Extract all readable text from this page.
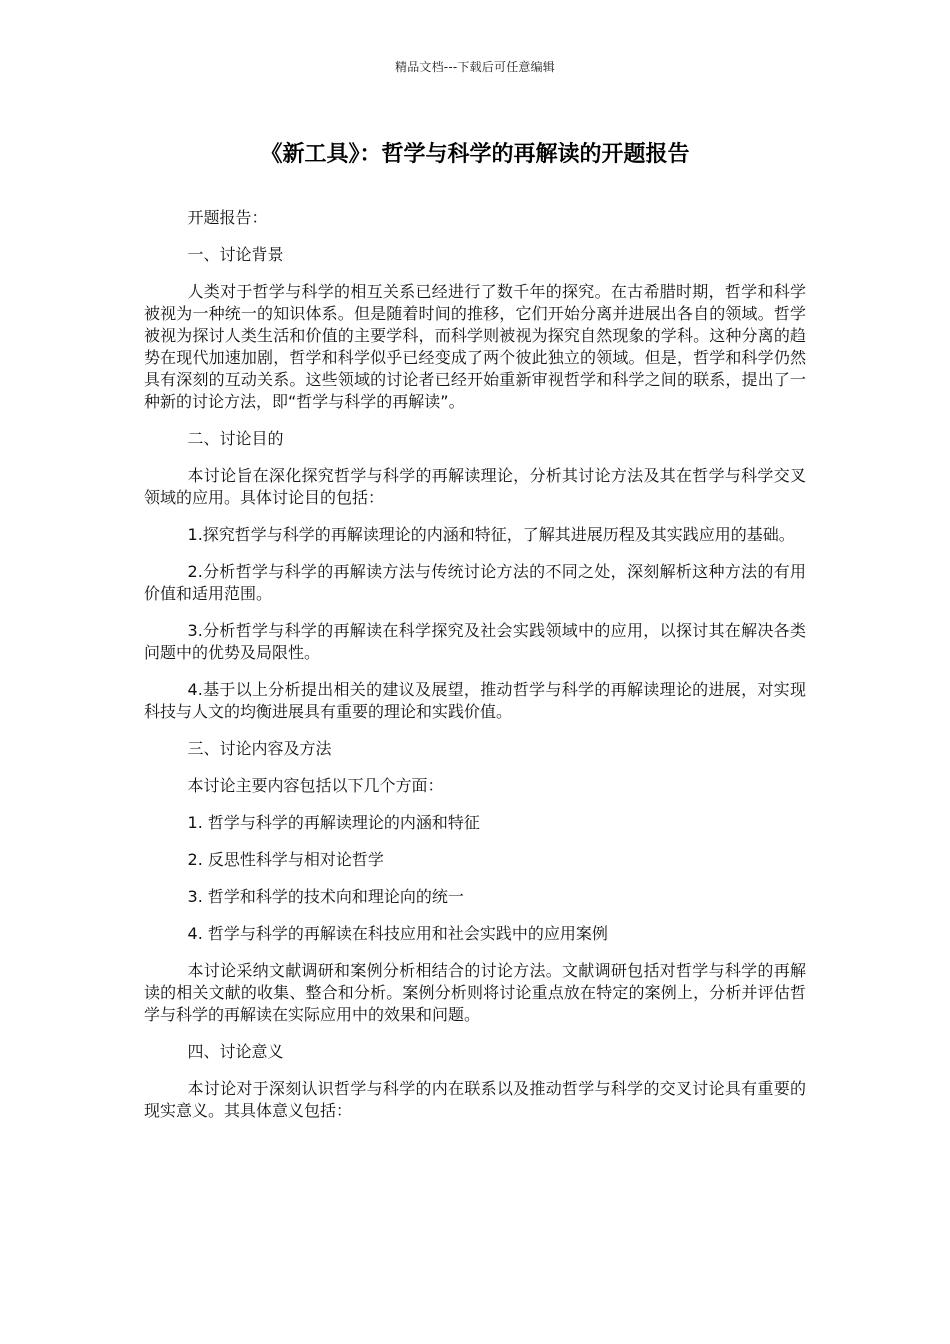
精品文档---下载后可任意编辑
《新工具》：哲学与科学的再解读的开题报告

开题报告：

一、讨论背景

人类对于哲学与科学的相互关系已经进行了数千年的探究。在古希腊时期，哲学和科学被视为一种统一的知识体系。但是随着时间的推移，它们开始分离并进展出各自的领域。哲学被视为探讨人类生活和价值的主要学科，而科学则被视为探究自然现象的学科。这种分离的趋势在现代加速加剧，哲学和科学似乎已经变成了两个彼此独立的领域。但是，哲学和科学仍然具有深刻的互动关系。这些领域的讨论者已经开始重新审视哲学和科学之间的联系，提出了一种新的讨论方法，即“哲学与科学的再解读”。

二、讨论目的

本讨论旨在深化探究哲学与科学的再解读理论，分析其讨论方法及其在哲学与科学交叉领域的应用。具体讨论目的包括：

1.探究哲学与科学的再解读理论的内涵和特征，了解其进展历程及其实践应用的基础。

2.分析哲学与科学的再解读方法与传统讨论方法的不同之处，深刻解析这种方法的有用价值和适用范围。

3.分析哲学与科学的再解读在科学探究及社会实践领域中的应用，以探讨其在解决各类问题中的优势及局限性。

4.基于以上分析提出相关的建议及展望，推动哲学与科学的再解读理论的进展，对实现科技与人文的均衡进展具有重要的理论和实践价值。

三、讨论内容及方法

本讨论主要内容包括以下几个方面：

1. 哲学与科学的再解读理论的内涵和特征

2. 反思性科学与相对论哲学

3. 哲学和科学的技术向和理论向的统一

4. 哲学与科学的再解读在科技应用和社会实践中的应用案例

本讨论采纳文献调研和案例分析相结合的讨论方法。文献调研包括对哲学与科学的再解读的相关文献的收集、整合和分析。案例分析则将讨论重点放在特定的案例上，分析并评估哲学与科学的再解读在实际应用中的效果和问题。

四、讨论意义

本讨论对于深刻认识哲学与科学的内在联系以及推动哲学与科学的交叉讨论具有重要的现实意义。其具体意义包括：
